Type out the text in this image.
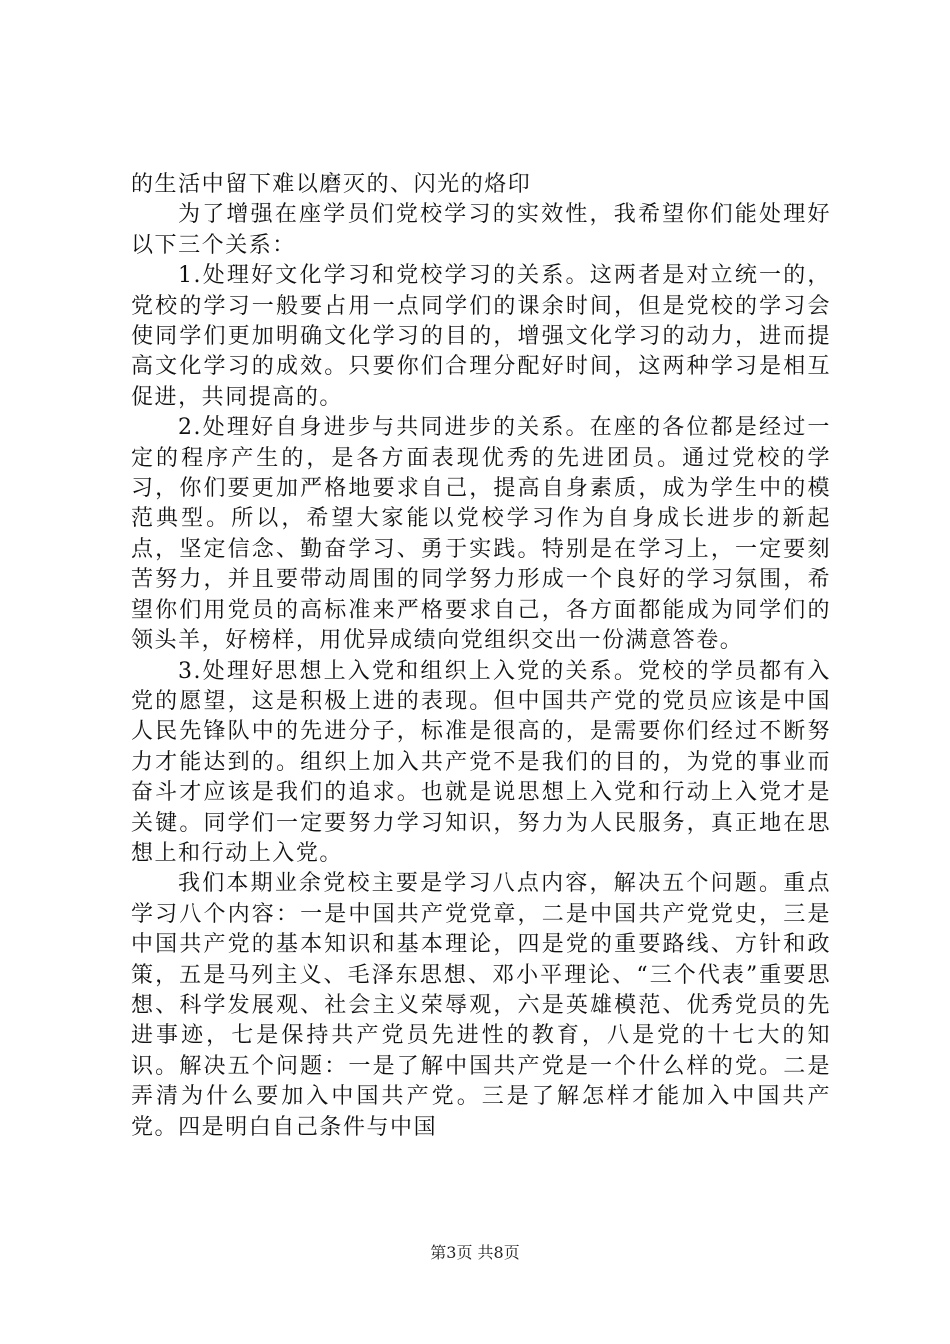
的生活中留下难以磨灭的、闪光的烙印

为了增强在座学员们党校学习的实效性，我希望你们能处理好以下三个关系：

1.处理好文化学习和党校学习的关系。这两者是对立统一的，党校的学习一般要占用一点同学们的课余时间，但是党校的学习会使同学们更加明确文化学习的目的，增强文化学习的动力，进而提高文化学习的成效。只要你们合理分配好时间，这两种学习是相互促进，共同提高的。

2.处理好自身进步与共同进步的关系。在座的各位都是经过一定的程序产生的，是各方面表现优秀的先进团员。通过党校的学习，你们要更加严格地要求自己，提高自身素质，成为学生中的模范典型。所以，希望大家能以党校学习作为自身成长进步的新起点，坚定信念、勤奋学习、勇于实践。特别是在学习上，一定要刻苦努力，并且要带动周围的同学努力形成一个良好的学习氛围，希望你们用党员的高标准来严格要求自己，各方面都能成为同学们的领头羊，好榜样，用优异成绩向党组织交出一份满意答卷。

3.处理好思想上入党和组织上入党的关系。党校的学员都有入党的愿望，这是积极上进的表现。但中国共产党的党员应该是中国人民先锋队中的先进分子，标准是很高的，是需要你们经过不断努力才能达到的。组织上加入共产党不是我们的目的，为党的事业而奋斗才应该是我们的追求。也就是说思想上入党和行动上入党才是关键。同学们一定要努力学习知识，努力为人民服务，真正地在思想上和行动上入党。

我们本期业余党校主要是学习八点内容，解决五个问题。重点学习八个内容：一是中国共产党党章，二是中国共产党党史，三是中国共产党的基本知识和基本理论，四是党的重要路线、方针和政策，五是马列主义、毛泽东思想、邓小平理论、“三个代表”重要思想、科学发展观、社会主义荣辱观，六是英雄模范、优秀党员的先进事迹，七是保持共产党员先进性的教育，八是党的十七大的知识。解决五个问题：一是了解中国共产党是一个什么样的党。二是弄清为什么要加入中国共产党。三是了解怎样才能加入中国共产党。四是明白自己条件与中国

第3页 共8页
